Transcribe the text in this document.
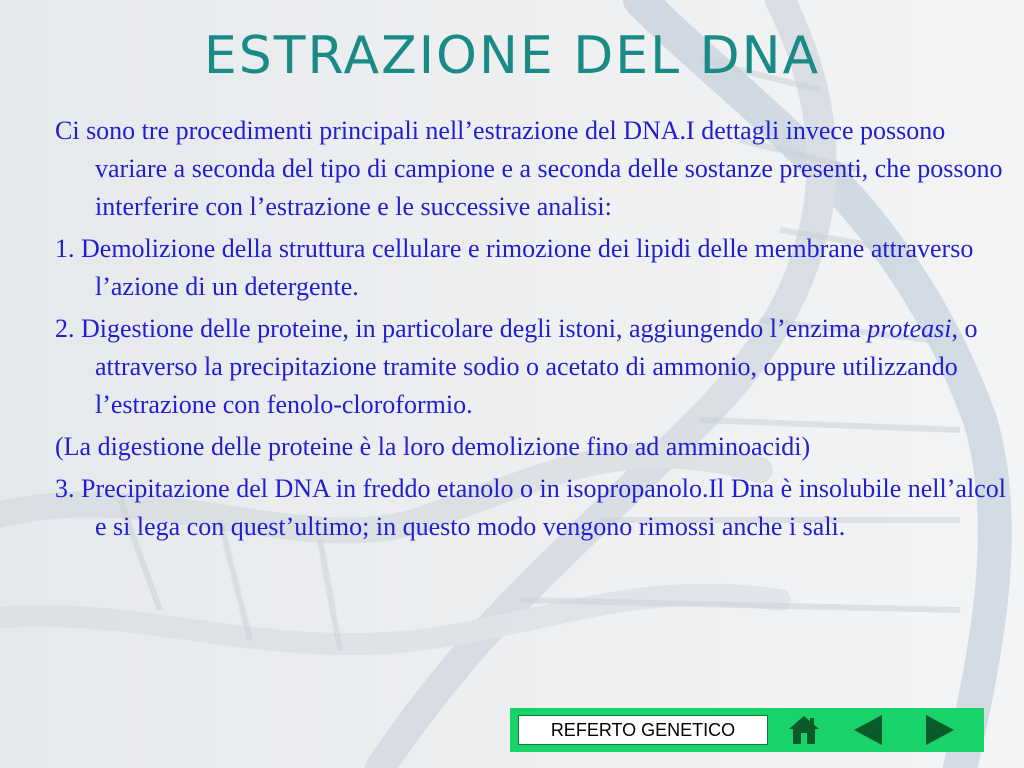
ESTRAZIONE DEL DNA

Ci sono tre procedimenti principali nell’estrazione del DNA.I dettagli invece possono variare a seconda del tipo di campione e a seconda delle sostanze presenti, che possono interferire con l’estrazione e le successive analisi:

1. Demolizione della struttura cellulare e rimozione dei lipidi delle membrane attraverso l’azione di un detergente.

2. Digestione delle proteine, in particolare degli istoni, aggiungendo l’enzima proteasi, o attraverso la precipitazione tramite sodio o acetato di ammonio, oppure utilizzando l’estrazione con fenolo-cloroformio.

(La digestione delle proteine è la loro demolizione fino ad amminoacidi)

3. Precipitazione del DNA in freddo etanolo o in isopropanolo.Il Dna è insolubile nell’alcol e si lega con quest’ultimo; in questo modo vengono rimossi anche i sali.

REFERTO GENETICO
